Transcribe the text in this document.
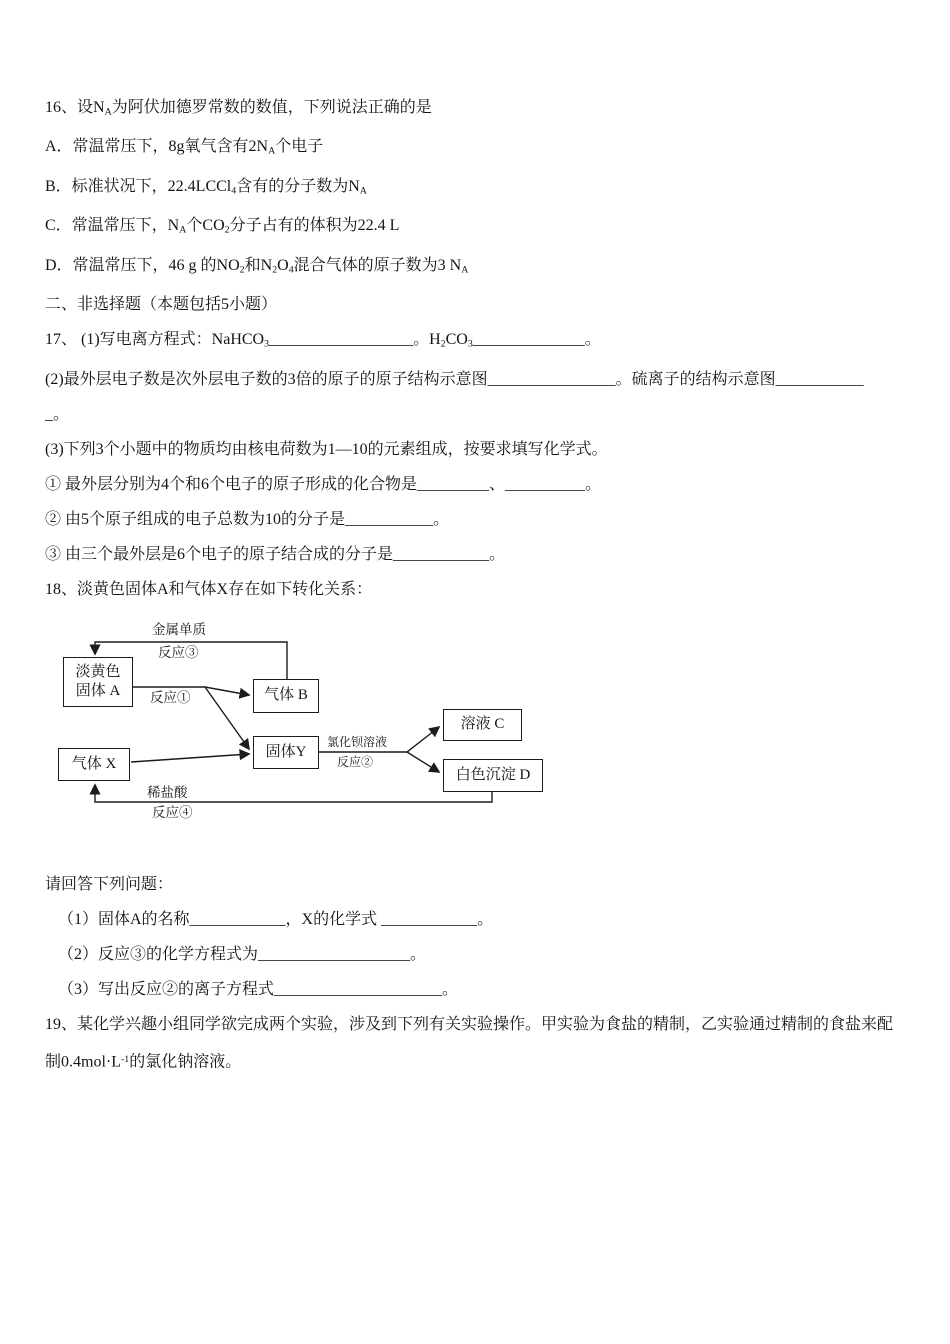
16、设$N_A$为阿伏加德罗常数的数值，下列说法正确的是

A．常温常压下，8g氧气含有$2N_A$个电子

B．标准状况下，22.4LCCl$_4$含有的分子数为$N_A$

C．常温常压下，$N_A$个$CO_2$分子占有的体积为22.4 L

D．常温常压下，46 g 的$NO_2$和$N_2O_4$混合气体的原子数为3 $N_A$

二、非选择题（本题包括5小题）

17、 (1)写电离方程式：NaHCO$_3$__________________。$H_2CO_3\_\_\_\_\_\_\_\_\_\_\_\_\_\_$。

(2)最外层电子数是次外层电子数的3倍的原子的原子结构示意图________________。硫离子的结构示意图___________

_。

(3)下列3个小题中的物质均由核电荷数为1—10的元素组成，按要求填写化学式。

① 最外层分别为4个和6个电子的原子形成的化合物是_________、__________。

② 由5个原子组成的电子总数为10的分子是___________。

③ 由三个最外层是6个电子的原子结合成的分子是____________。

18、淡黄色固体A和气体X存在如下转化关系：

金属单质
反应③
淡黄色
固体 A 反应①	气体 B
气体 X
固体Y
氯化钡溶液
反应②
溶液 C
白色沉淀 D
稀盐酸
反应④

请回答下列问题：

（1）固体A的名称____________，X的化学式 ____________。

（2）反应③的化学方程式为___________________。

（3）写出反应②的离子方程式_____________________。

19、某化学兴趣小组同学欲完成两个实验，涉及到下列有关实验操作。甲实验为食盐的精制，乙实验通过精制的食盐来配制$0.4mol\cdot L^{-1}$的氯化钠溶液。
